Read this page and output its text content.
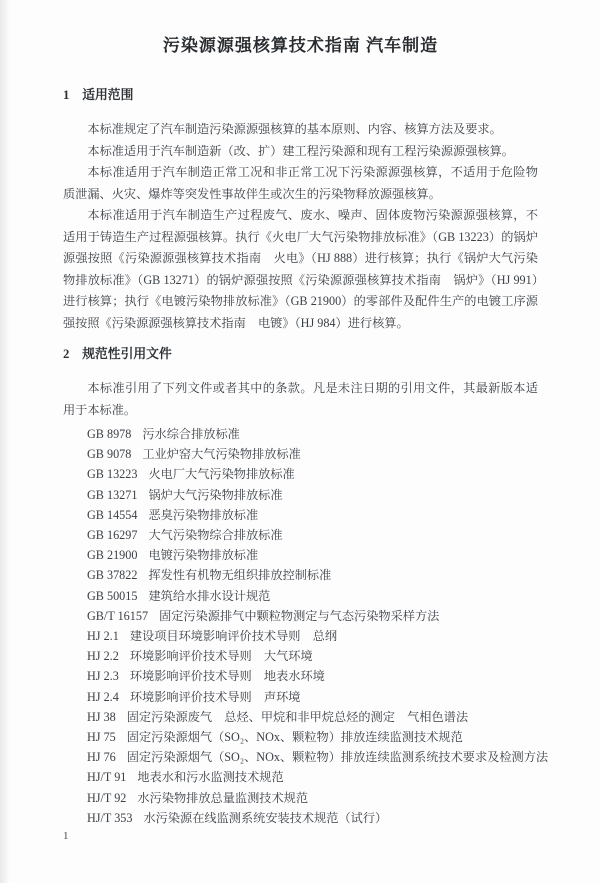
污染源源强核算技术指南 汽车制造
1　适用范围

本标准规定了汽车制造污染源源强核算的基本原则、内容、核算方法及要求。

本标准适用于汽车制造新（改、扩）建工程污染源和现有工程污染源源强核算。

本标准适用于汽车制造正常工况和非正常工况下污染源源强核算，不适用于危险物质泄漏、火灾、爆炸等突发性事故伴生或次生的污染物释放源强核算。

本标准适用于汽车制造生产过程废气、废水、噪声、固体废物污染源源强核算，不适用于铸造生产过程源强核算。执行《火电厂大气污染物排放标准》（GB 13223）的锅炉源强按照《污染源源强核算技术指南　火电》（HJ 888）进行核算；执行《锅炉大气污染物排放标准》（GB 13271）的锅炉源强按照《污染源源强核算技术指南　锅炉》（HJ 991）进行核算；执行《电镀污染物排放标准》（GB 21900）的零部件及配件生产的电镀工序源强按照《污染源源强核算技术指南　电镀》（HJ 984）进行核算。

2　规范性引用文件

本标准引用了下列文件或者其中的条款。凡是未注日期的引用文件，其最新版本适用于本标准。

GB 8978 污水综合排放标准
GB 9078 工业炉窑大气污染物排放标准
GB 13223 火电厂大气污染物排放标准
GB 13271 锅炉大气污染物排放标准
GB 14554 恶臭污染物排放标准
GB 16297 大气污染物综合排放标准
GB 21900 电镀污染物排放标准
GB 37822 挥发性有机物无组织排放控制标准
GB 50015 建筑给水排水设计规范
GB/T 16157 固定污染源排气中颗粒物测定与气态污染物采样方法
HJ 2.1 建设项目环境影响评价技术导则　总纲
HJ 2.2 环境影响评价技术导则　大气环境
HJ 2.3 环境影响评价技术导则　地表水环境
HJ 2.4 环境影响评价技术导则　声环境
HJ 38 固定污染源废气　总烃、甲烷和非甲烷总烃的测定　气相色谱法
HJ 75 固定污染源烟气（SO₂、NOx、颗粒物）排放连续监测技术规范
HJ 76 固定污染源烟气（SO₂、NOx、颗粒物）排放连续监测系统技术要求及检测方法
HJ/T 91 地表水和污水监测技术规范
HJ/T 92 水污染物排放总量监测技术规范
HJ/T 353 水污染源在线监测系统安装技术规范（试行）
1
